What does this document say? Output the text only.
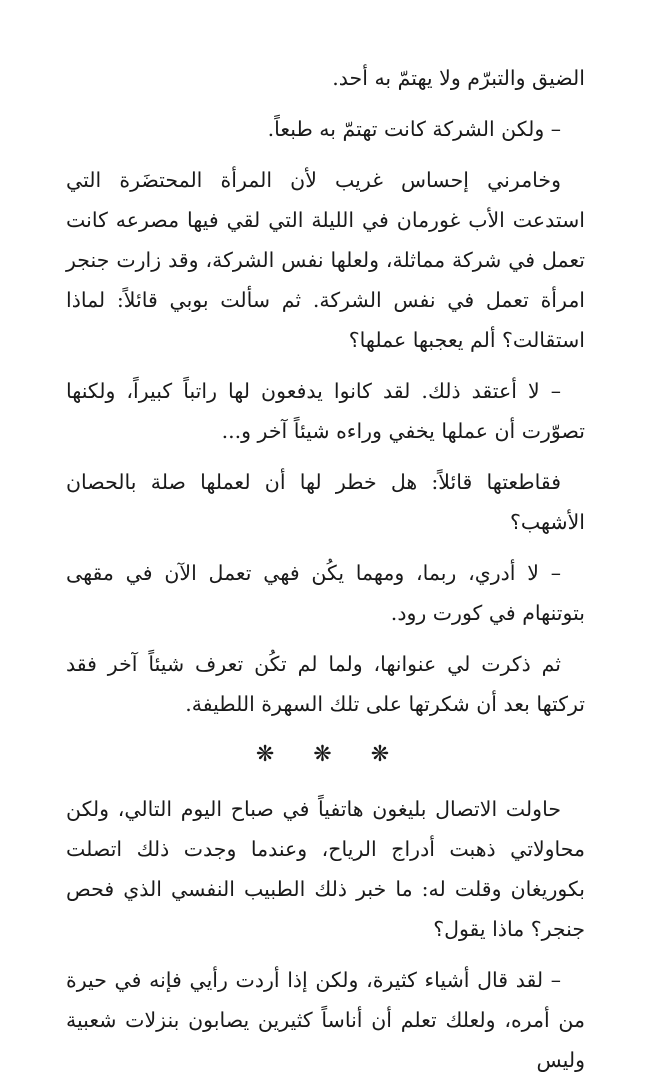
الضيق والتبرّم ولا يهتمّ به أحد.

– ولكن الشركة كانت تهتمّ به طبعاً.

وخامرني إحساس غريب لأن المرأة المحتضَرة التي استدعت الأب غورمان في الليلة التي لقي فيها مصرعه كانت تعمل في شركة مماثلة، ولعلها نفس الشركة، وقد زارت جنجر امرأة تعمل في نفس الشركة. ثم سألت بوبي قائلاً: لماذا استقالت؟ ألم يعجبها عملها؟

– لا أعتقد ذلك. لقد كانوا يدفعون لها راتباً كبيراً، ولكنها تصوّرت أن عملها يخفي وراءه شيئاً آخر و...

فقاطعتها قائلاً: هل خطر لها أن لعملها صلة بالحصان الأشهب؟

– لا أدري، ربما، ومهما يكُن فهي تعمل الآن في مقهى بتوتنهام في كورت رود.

ثم ذكرت لي عنوانها، ولما لم تكُن تعرف شيئاً آخر فقد تركتها بعد أن شكرتها على تلك السهرة اللطيفة.

❋ ❋ ❋

حاولت الاتصال بليغون هاتفياً في صباح اليوم التالي، ولكن محاولاتي ذهبت أدراج الرياح، وعندما وجدت ذلك اتصلت بكوريغان وقلت له: ما خبر ذلك الطبيب النفسي الذي فحص جنجر؟ ماذا يقول؟

– لقد قال أشياء كثيرة، ولكن إذا أردت رأيي فإنه في حيرة من أمره، ولعلك تعلم أن أناساً كثيرين يصابون بنزلات شعبية وليس
